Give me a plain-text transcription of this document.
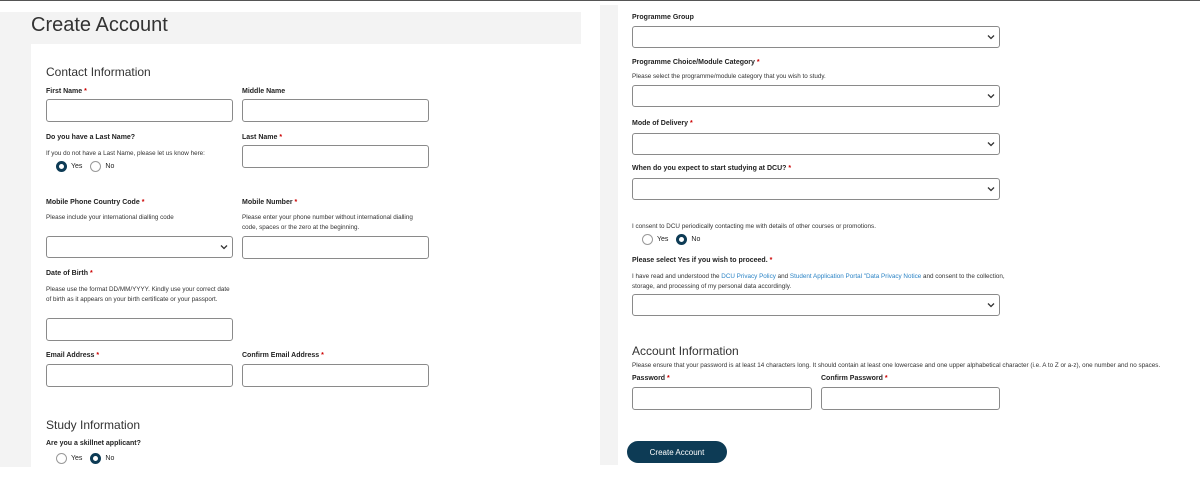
Create Account
Contact Information
First Name *	Middle Name
Do you have a Last Name?
If you do not have a Last Name, please let us know here:
Yes	No
Last Name *
Mobile Phone Country Code *
Please include your international dialling code
Mobile Number *
Please enter your phone number without international dialling code, spaces or the zero at the beginning.
Date of Birth *
Please use the format DD/MM/YYYY. Kindly use your correct date of birth as it appears on your birth certificate or your passport.
Email Address *	Confirm Email Address *
Study Information
Are you a skillnet applicant?
Yes	No
Programme Group
Programme Choice/Module Category *
Please select the programme/module category that you wish to study.
Mode of Delivery *
When do you expect to start studying at DCU? *
I consent to DCU periodically contacting me with details of other courses or promotions.
Yes	No
Please select Yes if you wish to proceed. *
I have read and understood the DCU Privacy Policy and Student Application Portal "Data Privacy Notice and consent to the collection, storage, and processing of my personal data accordingly.
Account Information
Please ensure that your password is at least 14 characters long. It should contain at least one lowercase and one upper alphabetical character (i.e. A to Z or a-z), one number and no spaces.
Password *	Confirm Password *
Create Account
